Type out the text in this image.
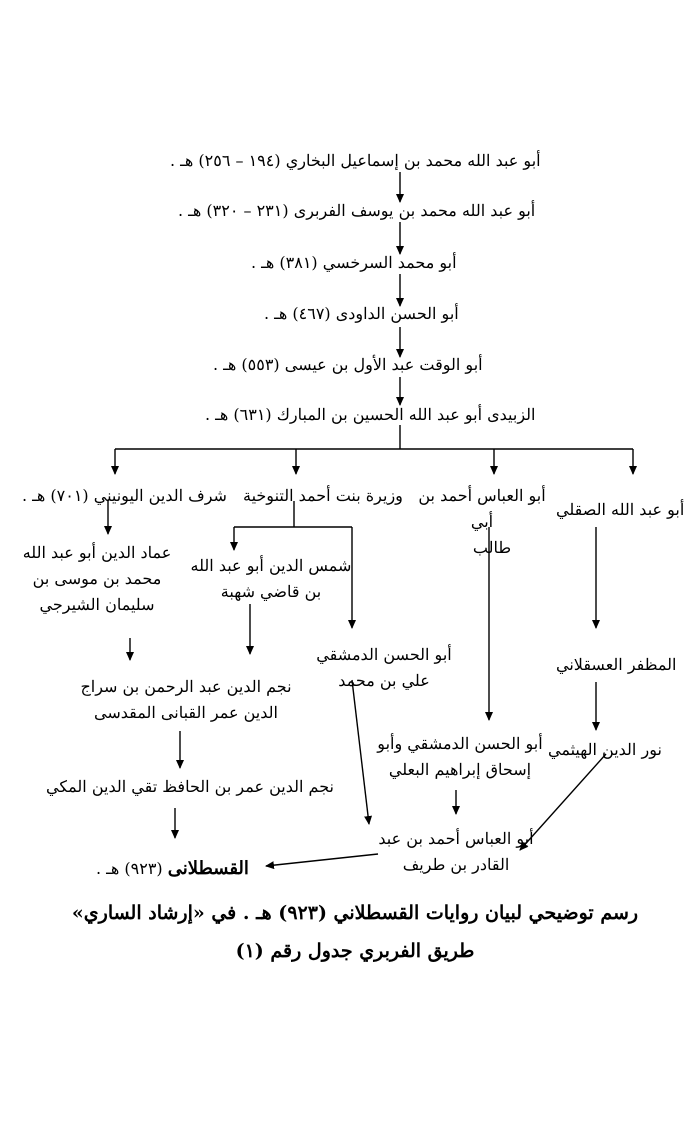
أبو عبد الله محمد بن إسماعيل البخاري (١٩٤ – ٢٥٦) هـ .
أبو عبد الله محمد بن يوسف الفربرى (٢٣١ – ٣٢٠) هـ .
أبو محمد السرخسي (٣٨١) هـ .
أبو الحسن الداودى (٤٦٧) هـ .
أبو الوقت عبد الأول بن عيسى (٥٥٣) هـ .
الزبيدى أبو عبد الله الحسين بن المبارك (٦٣١) هـ .
شرف الدين اليونيني (٧٠١) هـ . وزيرة بنت أحمد التنوخية أبو العباس أحمد بن أبي
طالب
أبو عبد الله الصقلي
عماد الدين أبو عبد الله
محمد بن موسى بن
سليمان الشيرجي
شمس الدين أبو عبد الله
بن قاضي شهبة
أبو الحسن الدمشقي
علي بن محمد
المظفر العسقلاني
نجم الدين عبد الرحمن بن سراج
الدين عمر القبانى المقدسى
أبو الحسن الدمشقي وأبو
إسحاق إبراهيم البعلي
نور الدين الهيثمي
نجم الدين عمر بن الحافظ تقي الدين المكي
أبو العباس أحمد بن عبد
القادر بن طريف
القسطلانى (٩٢٣) هـ .
رسم توضيحي لبيان روايات القسطلاني (٩٢٣) هـ . في «إرشاد الساري»
طريق الفربري جدول رقم (١)
